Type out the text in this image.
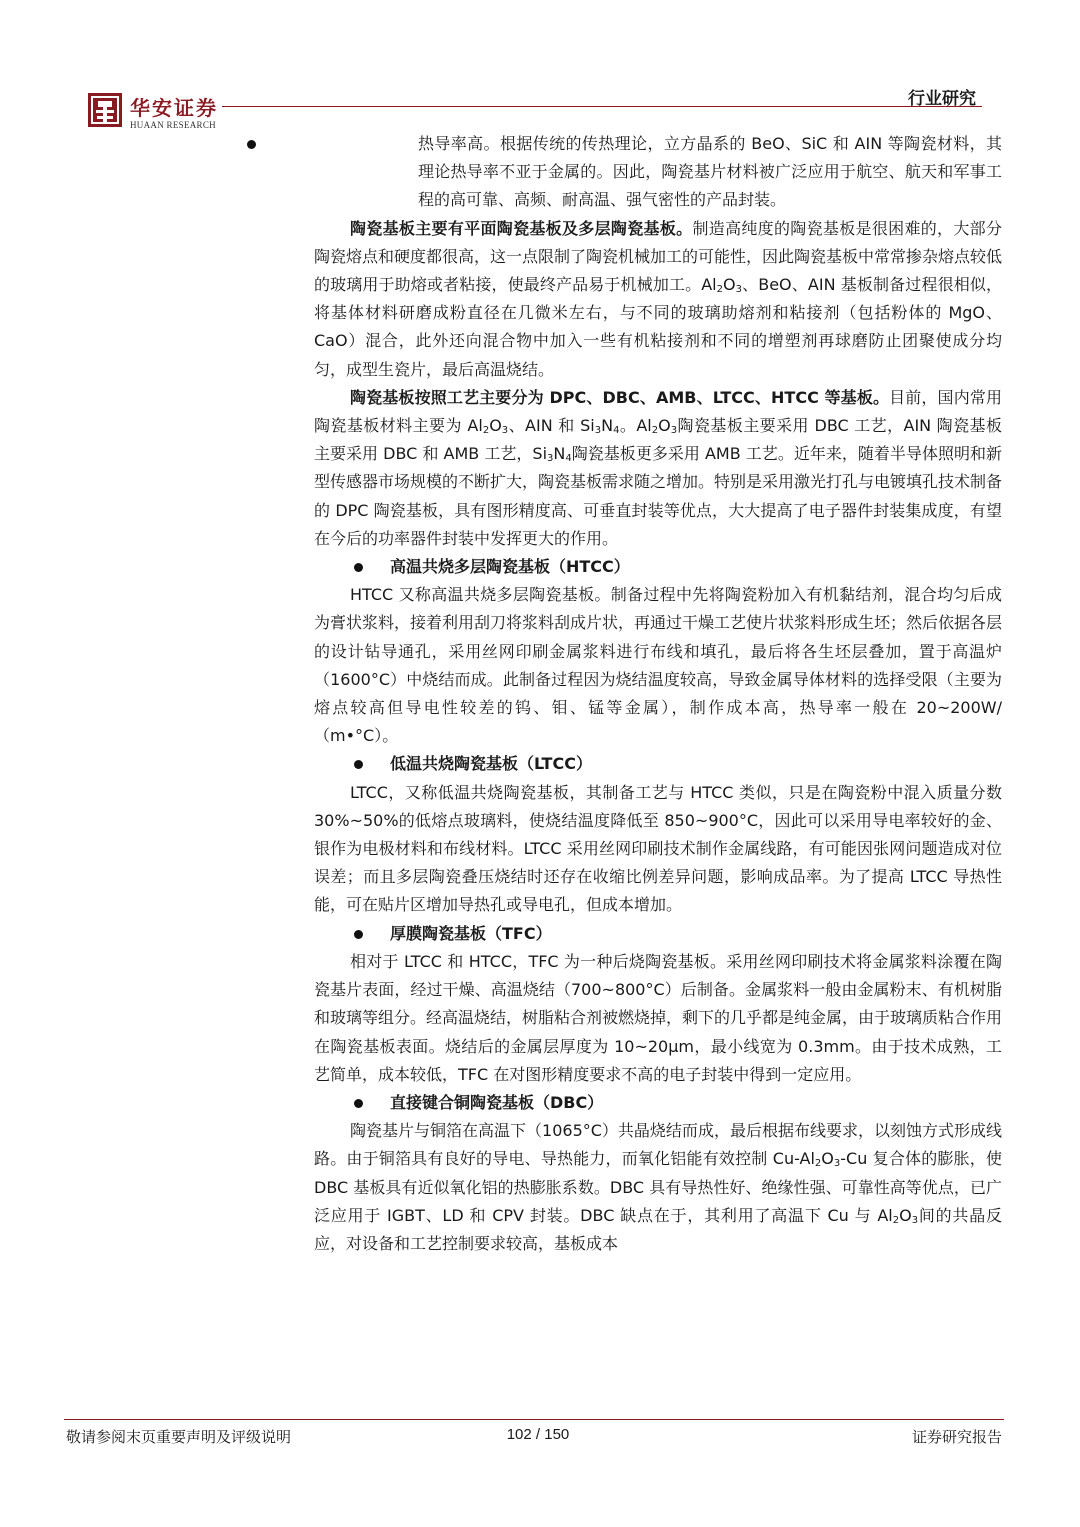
华安证券
HUAAN RESEARCH
行业研究

热导率高。根据传统的传热理论，立方晶系的 BeO、SiC 和 AIN 等陶瓷材料，其理论热导率不亚于金属的。因此，陶瓷基片材料被广泛应用于航空、航天和军事工程的高可靠、高频、耐高温、强气密性的产品封装。

陶瓷基板主要有平面陶瓷基板及多层陶瓷基板。制造高纯度的陶瓷基板是很困难的，大部分陶瓷熔点和硬度都很高，这一点限制了陶瓷机械加工的可能性，因此陶瓷基板中常常掺杂熔点较低的玻璃用于助熔或者粘接，使最终产品易于机械加工。$Al_2O_3$、BeO、AIN 基板制备过程很相似，将基体材料研磨成粉直径在几微米左右，与不同的玻璃助熔剂和粘接剂（包括粉体的 MgO、CaO）混合，此外还向混合物中加入一些有机粘接剂和不同的增塑剂再球磨防止团聚使成分均匀，成型生瓷片，最后高温烧结。

陶瓷基板按照工艺主要分为 DPC、DBC、AMB、LTCC、HTCC 等基板。目前，国内常用陶瓷基板材料主要为 $Al_2O_3$、AIN 和 $Si_3N_4$。$Al_2O_3$陶瓷基板主要采用 DBC 工艺，AIN 陶瓷基板主要采用 DBC 和 AMB 工艺，$Si_3N_4$陶瓷基板更多采用 AMB 工艺。近年来，随着半导体照明和新型传感器市场规模的不断扩大，陶瓷基板需求随之增加。特别是采用激光打孔与电镀填孔技术制备的 DPC 陶瓷基板，具有图形精度高、可垂直封装等优点，大大提高了电子器件封装集成度，有望在今后的功率器件封装中发挥更大的作用。

高温共烧多层陶瓷基板（HTCC）

HTCC 又称高温共烧多层陶瓷基板。制备过程中先将陶瓷粉加入有机黏结剂，混合均匀后成为膏状浆料，接着利用刮刀将浆料刮成片状，再通过干燥工艺使片状浆料形成生坯；然后依据各层的设计钻导通孔，采用丝网印刷金属浆料进行布线和填孔，最后将各生坯层叠加，置于高温炉（1600°C）中烧结而成。此制备过程因为烧结温度较高，导致金属导体材料的选择受限（主要为熔点较高但导电性较差的钨、钼、锰等金属），制作成本高，热导率一般在 20~200W/（m•°C）。

低温共烧陶瓷基板（LTCC）

LTCC，又称低温共烧陶瓷基板，其制备工艺与 HTCC 类似，只是在陶瓷粉中混入质量分数 30%~50%的低熔点玻璃料，使烧结温度降低至 850~900°C，因此可以采用导电率较好的金、银作为电极材料和布线材料。LTCC 采用丝网印刷技术制作金属线路，有可能因张网问题造成对位误差；而且多层陶瓷叠压烧结时还存在收缩比例差异问题，影响成品率。为了提高 LTCC 导热性能，可在贴片区增加导热孔或导电孔，但成本增加。

厚膜陶瓷基板（TFC）

相对于 LTCC 和 HTCC，TFC 为一种后烧陶瓷基板。采用丝网印刷技术将金属浆料涂覆在陶瓷基片表面，经过干燥、高温烧结（700~800°C）后制备。金属浆料一般由金属粉末、有机树脂和玻璃等组分。经高温烧结，树脂粘合剂被燃烧掉，剩下的几乎都是纯金属，由于玻璃质粘合作用在陶瓷基板表面。烧结后的金属层厚度为 10~20μm，最小线宽为 0.3mm。由于技术成熟，工艺简单，成本较低，TFC 在对图形精度要求不高的电子封装中得到一定应用。

直接键合铜陶瓷基板（DBC）

陶瓷基片与铜箔在高温下（1065°C）共晶烧结而成，最后根据布线要求，以刻蚀方式形成线路。由于铜箔具有良好的导电、导热能力，而氧化铝能有效控制 $Cu-Al_2O_3-Cu$ 复合体的膨胀，使 DBC 基板具有近似氧化铝的热膨胀系数。DBC 具有导热性好、绝缘性强、可靠性高等优点，已广泛应用于 IGBT、LD 和 CPV 封装。DBC 缺点在于，其利用了高温下 Cu 与 $Al_2O_3$间的共晶反应，对设备和工艺控制要求较高，基板成本

敬请参阅末页重要声明及评级说明	102 / 150	证券研究报告
